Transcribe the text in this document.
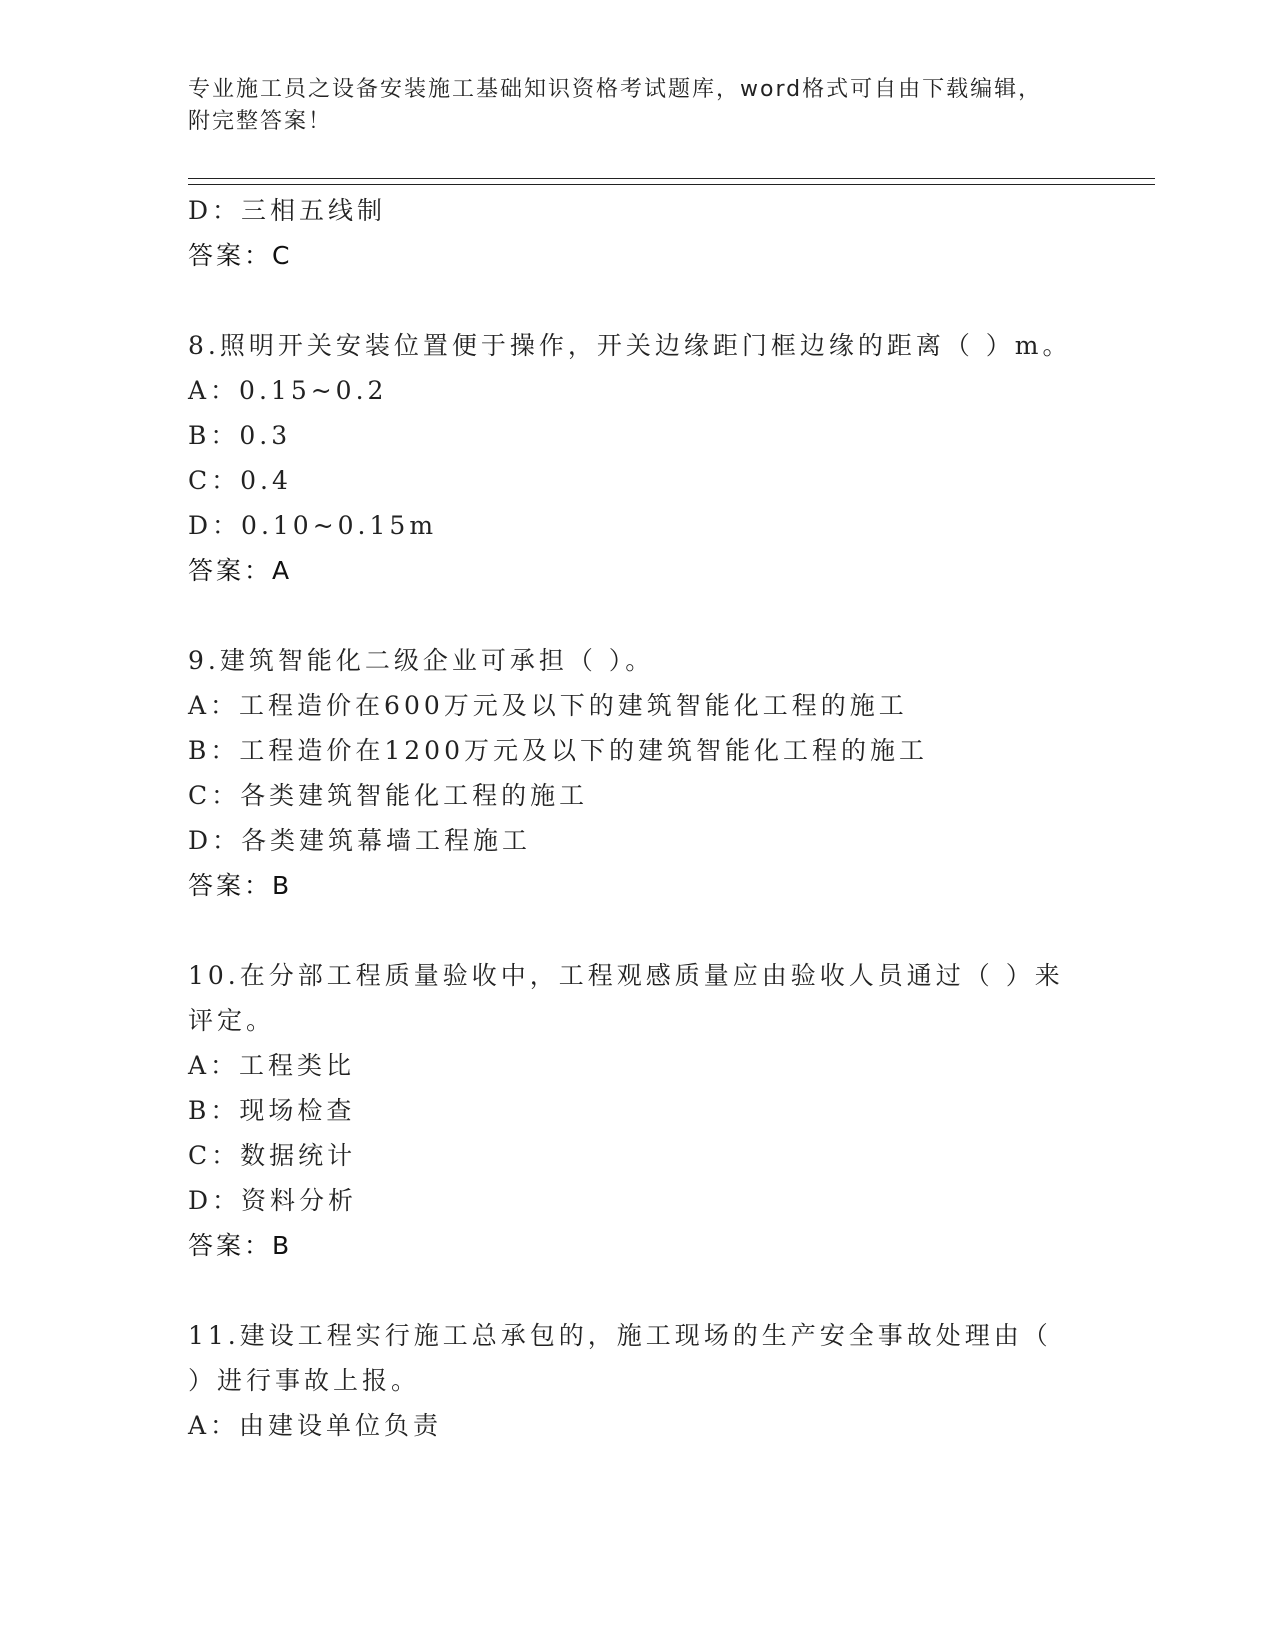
专业施工员之设备安装施工基础知识资格考试题库，word格式可自由下载编辑，
附完整答案！
D：三相五线制
答案：C
8.照明开关安装位置便于操作，开关边缘距门框边缘的距离（ ）m。
A：0.15~0.2
B：0.3
C：0.4
D：0.10~0.15m
答案：A
9.建筑智能化二级企业可承担（ ）。
A：工程造价在600万元及以下的建筑智能化工程的施工
B：工程造价在1200万元及以下的建筑智能化工程的施工
C：各类建筑智能化工程的施工
D：各类建筑幕墙工程施工
答案：B
10.在分部工程质量验收中，工程观感质量应由验收人员通过（ ）来
评定。
A：工程类比
B：现场检查
C：数据统计
D：资料分析
答案：B
11.建设工程实行施工总承包的，施工现场的生产安全事故处理由（
）进行事故上报。
A：由建设单位负责
